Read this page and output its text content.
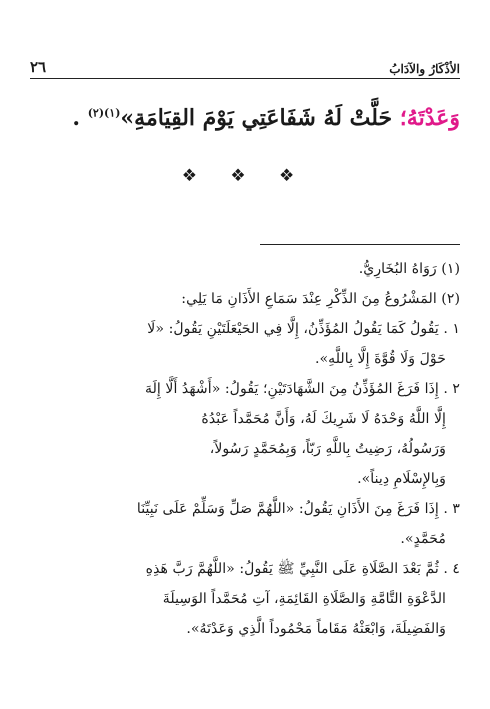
٢٦	الأذْكَارُ والآدَابُ
وَعَدْتَهُ؛ حَلَّتْ لَهُ شَفَاعَتِي يَوْمَ القِيَامَةِ»$^{(١)(٢)}$ .
❖ ❖ ❖
(١) رَوَاهُ البُخَارِيُّ.
(٢) المَشْرُوعُ مِنَ الذِّكْرِ عِنْدَ سَمَاعِ الأَذَانِ مَا يَلِي:
١ . يَقُولُ كَمَا يَقُولُ المُؤَذِّنُ، إِلَّا فِي الحَيْعَلَتَيْنِ يَقُولُ: «لَا
حَوْلَ وَلَا قُوَّةَ إِلَّا بِاللَّهِ».
٢ . إِذَا فَرَغَ المُؤَذِّنُ مِنَ الشَّهَادَتَيْنِ؛ يَقُولُ: «أَشْهَدُ أَلَّا إِلَهَ
إِلَّا اللَّهُ وَحْدَهُ لَا شَرِيكَ لَهُ، وَأَنَّ مُحَمَّداً عَبْدُهُ
وَرَسُولُهُ، رَضِيتُ بِاللَّهِ رَبّاً، وَبِمُحَمَّدٍ رَسُولاً،
وَبِالإِسْلَامِ دِيناً».
٣ . إِذَا فَرَغَ مِنَ الأَذَانِ يَقُولُ: «اللَّهُمَّ صَلِّ وَسَلِّمْ عَلَى نَبِيِّنَا
مُحَمَّدٍ».
٤ . ثُمَّ بَعْدَ الصَّلَاةِ عَلَى النَّبِيِّ ﷺ يَقُولُ: «اللَّهُمَّ رَبَّ هَذِهِ
الدَّعْوَةِ التَّامَّةِ وَالصَّلَاةِ القَائِمَةِ، آتِ مُحَمَّداً الوَسِيلَةَ
وَالفَضِيلَةَ، وَابْعَثْهُ مَقَاماً مَحْمُوداً الَّذِي وَعَدْتَهُ».
